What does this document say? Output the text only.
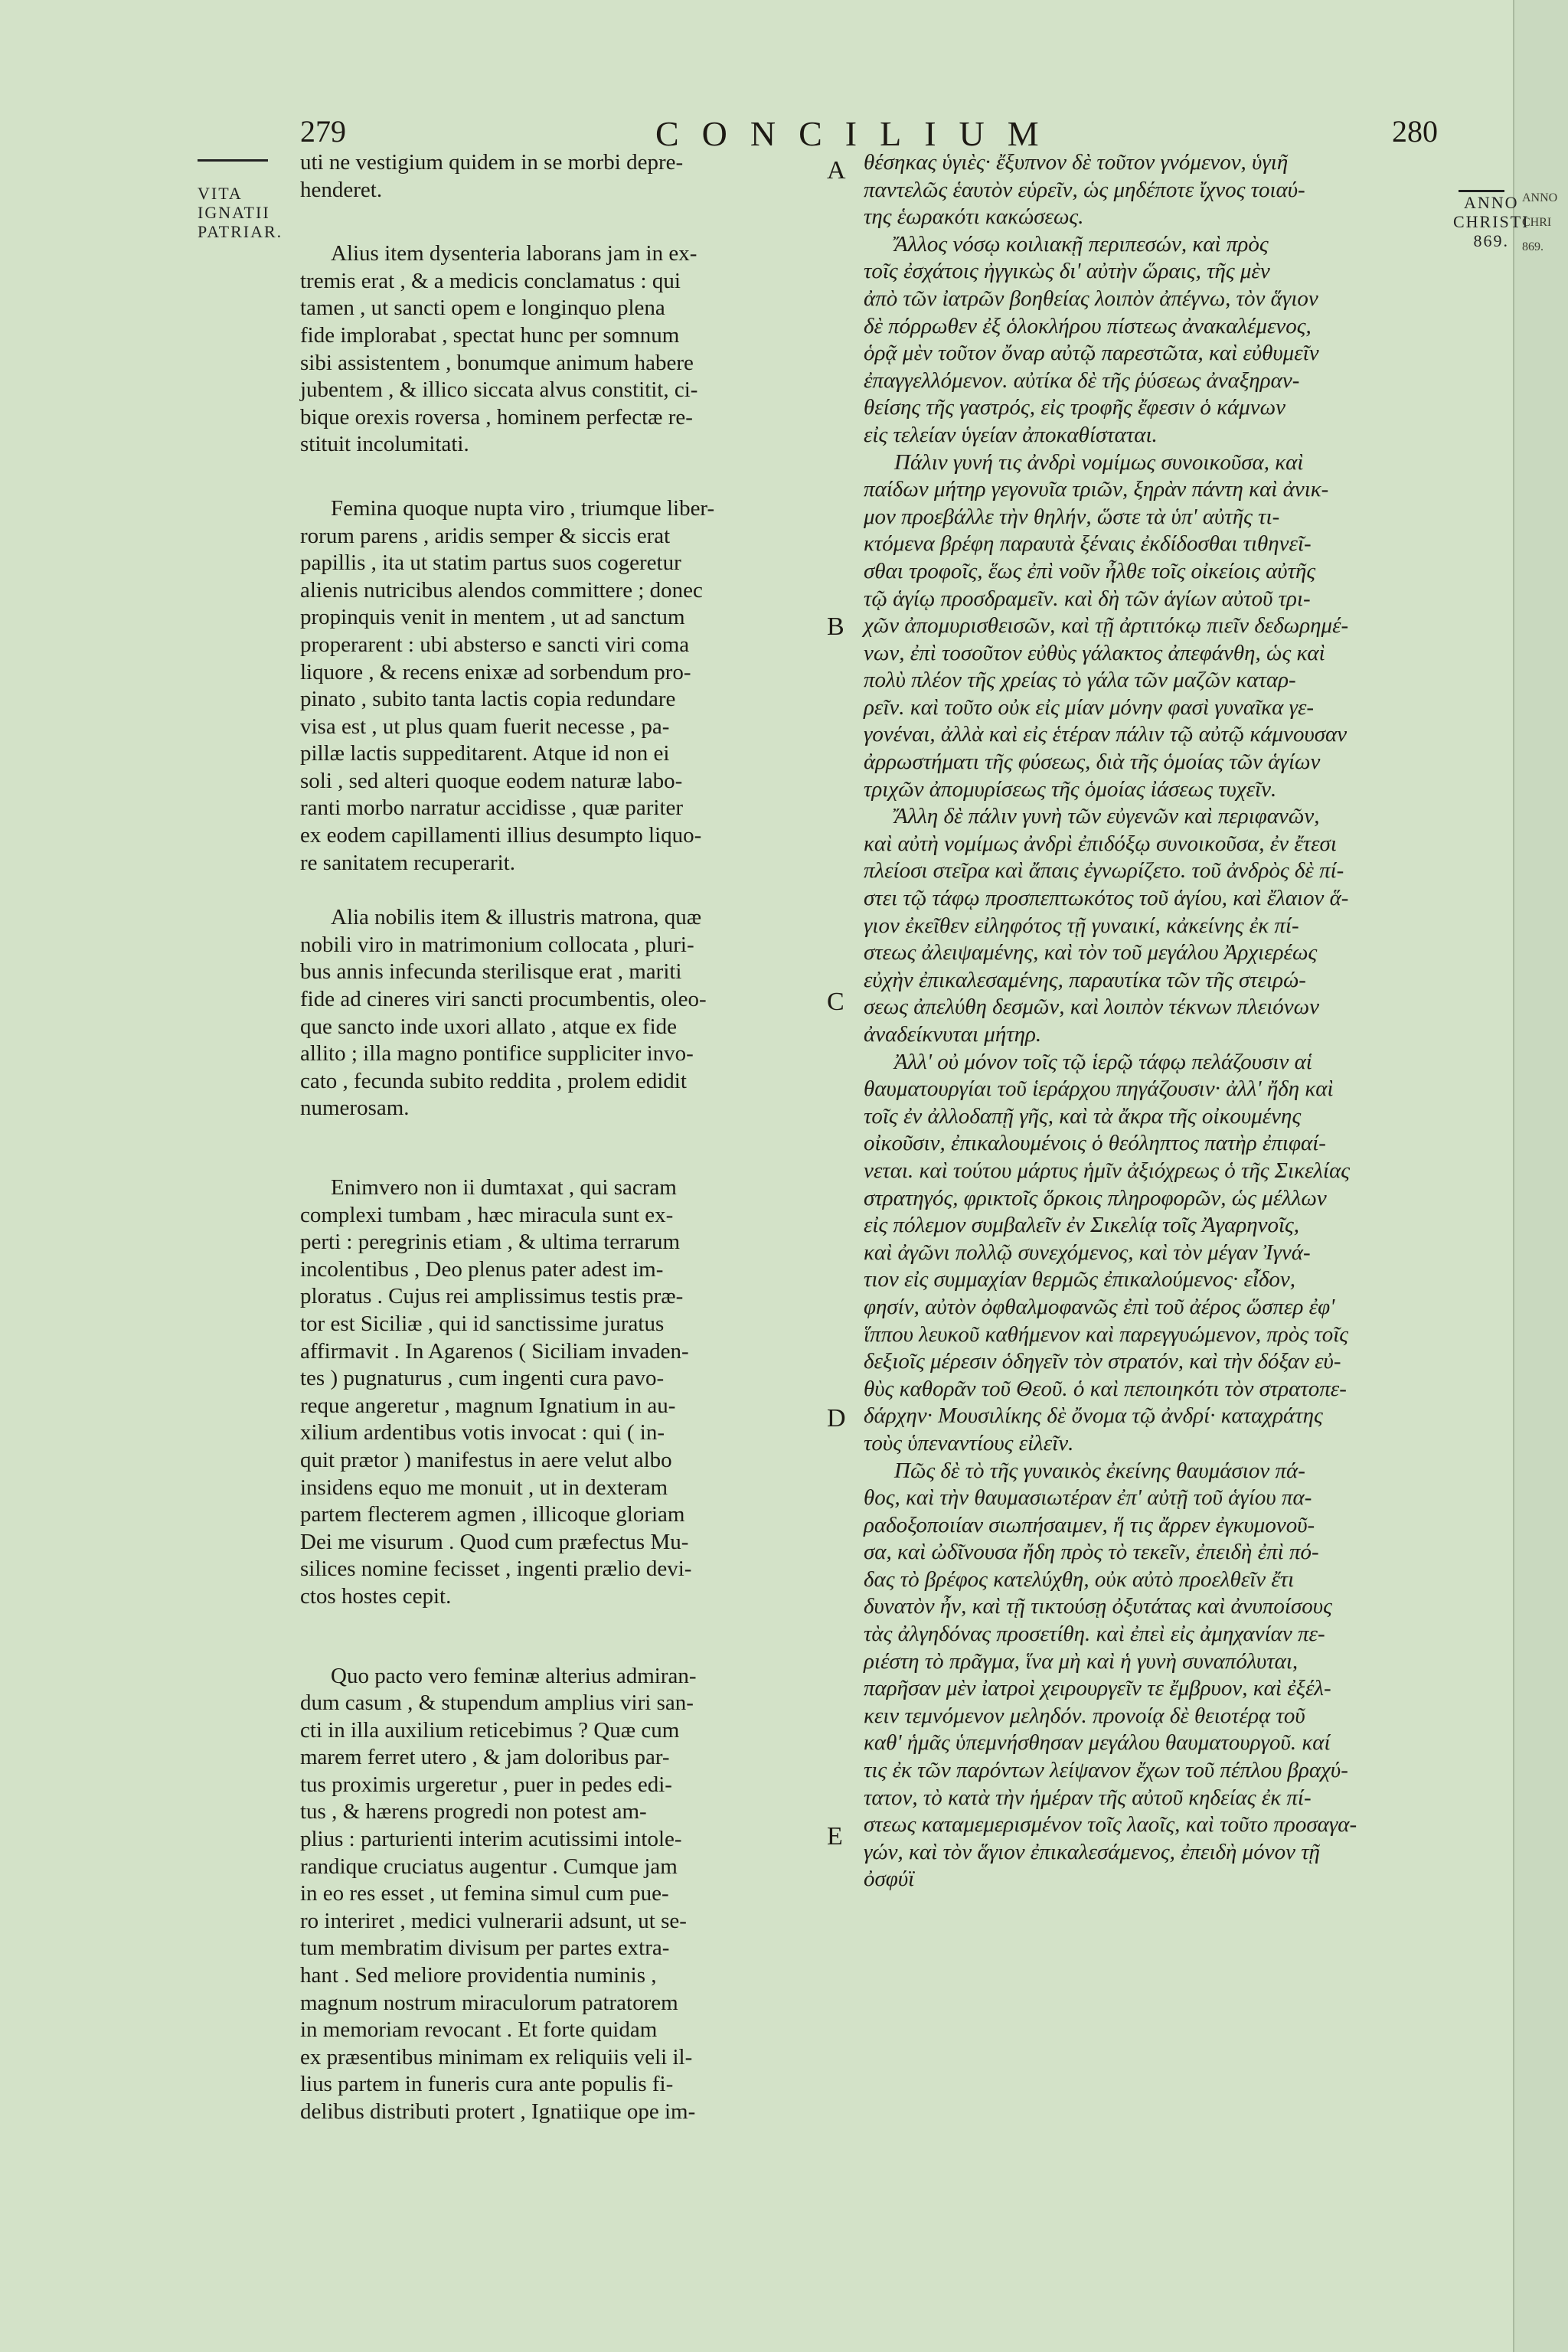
ANNO
CHRI
869.
279	CONCILIUM	280
VITA
IGNATII
PATRIAR.
ANNO
CHRISTI
869.
A
B
C
D
E
uti ne vestigium quidem in se morbi depre-
henderet.
Alius item dysenteria laborans jam in ex-
tremis erat , & a medicis conclamatus : qui
tamen , ut sancti opem e longinquo plena
fide implorabat , spectat hunc per somnum
sibi assistentem , bonumque animum habere
jubentem , & illico siccata alvus constitit, ci-
bique orexis roversa , hominem perfectæ re-
stituit incolumitati.
Femina quoque nupta viro , triumque liber-
rorum parens , aridis semper & siccis erat
papillis , ita ut statim partus suos cogeretur
alienis nutricibus alendos committere ; donec
propinquis venit in mentem , ut ad sanctum
properarent : ubi absterso e sancti viri coma
liquore , & recens enixæ ad sorbendum pro-
pinato , subito tanta lactis copia redundare
visa est , ut plus quam fuerit necesse , pa-
pillæ lactis suppeditarent. Atque id non ei
soli , sed alteri quoque eodem naturæ labo-
ranti morbo narratur accidisse , quæ pariter
ex eodem capillamenti illius desumpto liquo-
re sanitatem recuperarit.
Alia nobilis item & illustris matrona, quæ
nobili viro in matrimonium collocata , pluri-
bus annis infecunda sterilisque erat , mariti
fide ad cineres viri sancti procumbentis, oleo-
que sancto inde uxori allato , atque ex fide
allito ; illa magno pontifice suppliciter invo-
cato , fecunda subito reddita , prolem edidit
numerosam.
Enimvero non ii dumtaxat , qui sacram
complexi tumbam , hæc miracula sunt ex-
perti : peregrinis etiam , & ultima terrarum
incolentibus , Deo plenus pater adest im-
ploratus . Cujus rei amplissimus testis præ-
tor est Siciliæ , qui id sanctissime juratus
affirmavit . In Agarenos ( Siciliam invaden-
tes ) pugnaturus , cum ingenti cura pavo-
reque angeretur , magnum Ignatium in au-
xilium ardentibus votis invocat : qui ( in-
quit prætor ) manifestus in aere velut albo
insidens equo me monuit , ut in dexteram
partem flecterem agmen , illicoque gloriam
Dei me visurum . Quod cum præfectus Mu-
silices nomine fecisset , ingenti prælio devi-
ctos hostes cepit.
Quo pacto vero feminæ alterius admiran-
dum casum , & stupendum amplius viri san-
cti in illa auxilium reticebimus ? Quæ cum
marem ferret utero , & jam doloribus par-
tus proximis urgeretur , puer in pedes edi-
tus , & hærens progredi non potest am-
plius : parturienti interim acutissimi intole-
randique cruciatus augentur . Cumque jam
in eo res esset , ut femina simul cum pue-
ro interiret , medici vulnerarii adsunt, ut se-
tum membratim divisum per partes extra-
hant . Sed meliore providentia numinis ,
magnum nostrum miraculorum patratorem
in memoriam revocant . Et forte quidam
ex præsentibus minimam ex reliquiis veli il-
lius partem in funeris cura ante populis fi-
delibus distributi protert , Ignatiique ope im-
θέσηκας ὑγιὲς· ἔξυπνον δὲ τοῦτον γνόμενον, ὑγιῆ
παντελῶς ἑαυτὸν εὑρεῖν, ὡς μηδέποτε ἴχνος τοιαύ-
της ἑωρακότι κακώσεως.
Ἄλλος νόσῳ κοιλιακῇ περιπεσών, καὶ πρὸς
τοῖς ἐσχάτοις ἠγγικὼς δι' αὐτὴν ὥραις, τῆς μὲν
ἀπὸ τῶν ἰατρῶν βοηθείας λοιπὸν ἀπέγνω, τὸν ἅγιον
δὲ πόρρωθεν ἐξ ὁλοκλήρου πίστεως ἀνακαλέμενος,
ὁρᾷ μὲν τοῦτον ὄναρ αὐτῷ παρεστῶτα, καὶ εὐθυμεῖν
ἐπαγγελλόμενον. αὐτίκα δὲ τῆς ῥύσεως ἀναξηραν-
θείσης τῆς γαστρός, εἰς τροφῆς ἔφεσιν ὁ κάμνων
εἰς τελείαν ὑγείαν ἀποκαθίσταται.
Πάλιν γυνή τις ἀνδρὶ νομίμως συνοικοῦσα, καὶ
παίδων μήτηρ γεγονυῖα τριῶν, ξηρὰν πάντη καὶ ἀνικ-
μον προεβάλλε τὴν θηλήν, ὥστε τὰ ὑπ' αὐτῆς τι-
κτόμενα βρέφη παραυτὰ ξέναις ἐκδίδοσθαι τιθηνεῖ-
σθαι τροφοῖς, ἕως ἐπὶ νοῦν ἦλθε τοῖς οἰκείοις αὐτῆς
τῷ ἁγίῳ προσδραμεῖν. καὶ δὴ τῶν ἁγίων αὐτοῦ τρι-
χῶν ἀπομυρισθεισῶν, καὶ τῇ ἀρτιτόκῳ πιεῖν δεδωρημέ-
νων, ἐπὶ τοσοῦτον εὐθὺς γάλακτος ἀπεφάνθη, ὡς καὶ
πολὺ πλέον τῆς χρείας τὸ γάλα τῶν μαζῶν καταρ-
ρεῖν. καὶ τοῦτο οὐκ εἰς μίαν μόνην φασὶ γυναῖκα γε-
γονέναι, ἀλλὰ καὶ εἰς ἑτέραν πάλιν τῷ αὐτῷ κάμνουσαν
ἀρρωστήματι τῆς φύσεως, διὰ τῆς ὁμοίας τῶν ἁγίων
τριχῶν ἀπομυρίσεως τῆς ὁμοίας ἰάσεως τυχεῖν.
Ἄλλη δὲ πάλιν γυνὴ τῶν εὐγενῶν καὶ περιφανῶν,
καὶ αὐτὴ νομίμως ἀνδρὶ ἐπιδόξῳ συνοικοῦσα, ἐν ἔτεσι
πλείοσι στεῖρα καὶ ἄπαις ἐγνωρίζετο. τοῦ ἀνδρὸς δὲ πί-
στει τῷ τάφῳ προσπεπτωκότος τοῦ ἁγίου, καὶ ἔλαιον ἅ-
γιον ἐκεῖθεν εἰληφότος τῇ γυναικί, κἀκείνης ἐκ πί-
στεως ἀλειψαμένης, καὶ τὸν τοῦ μεγάλου Ἀρχιερέως
εὐχὴν ἐπικαλεσαμένης, παραυτίκα τῶν τῆς στειρώ-
σεως ἀπελύθη δεσμῶν, καὶ λοιπὸν τέκνων πλειόνων
ἀναδείκνυται μήτηρ.
Ἀλλ' οὐ μόνον τοῖς τῷ ἱερῷ τάφῳ πελάζουσιν αἱ
θαυματουργίαι τοῦ ἱεράρχου πηγάζουσιν· ἀλλ' ἤδη καὶ
τοῖς ἐν ἀλλοδαπῇ γῆς, καὶ τὰ ἄκρα τῆς οἰκουμένης
οἰκοῦσιν, ἐπικαλουμένοις ὁ θεόληπτος πατὴρ ἐπιφαί-
νεται. καὶ τούτου μάρτυς ἡμῖν ἀξιόχρεως ὁ τῆς Σικελίας
στρατηγός, φρικτοῖς ὅρκοις πληροφορῶν, ὡς μέλλων
εἰς πόλεμον συμβαλεῖν ἐν Σικελίᾳ τοῖς Ἀγαρηνοῖς,
καὶ ἀγῶνι πολλῷ συνεχόμενος, καὶ τὸν μέγαν Ἰγνά-
τιον εἰς συμμαχίαν θερμῶς ἐπικαλούμενος· εἶδον,
φησίν, αὐτὸν ὀφθαλμοφανῶς ἐπὶ τοῦ ἀέρος ὥσπερ ἐφ'
ἵππου λευκοῦ καθήμενον καὶ παρεγγυώμενον, πρὸς τοῖς
δεξιοῖς μέρεσιν ὁδηγεῖν τὸν στρατόν, καὶ τὴν δόξαν εὐ-
θὺς καθορᾶν τοῦ Θεοῦ. ὁ καὶ πεποιηκότι τὸν στρατοπε-
δάρχην· Μουσιλίκης δὲ ὄνομα τῷ ἀνδρί· καταχράτης
τοὺς ὑπεναντίους εἰλεῖν.
Πῶς δὲ τὸ τῆς γυναικὸς ἐκείνης θαυμάσιον πά-
θος, καὶ τὴν θαυμασιωτέραν ἐπ' αὐτῇ τοῦ ἁγίου πα-
ραδοξοποιίαν σιωπήσαιμεν, ἥ τις ἄρρεν ἐγκυμονοῦ-
σα, καὶ ὠδῖνουσα ἤδη πρὸς τὸ τεκεῖν, ἐπειδὴ ἐπὶ πό-
δας τὸ βρέφος κατελύχθη, οὐκ αὐτὸ προελθεῖν ἔτι
δυνατὸν ἦν, καὶ τῇ τικτούσῃ ὀξυτάτας καὶ ἀνυποίσους
τὰς ἀλγηδόνας προσετίθη. καὶ ἐπεὶ εἰς ἀμηχανίαν πε-
ριέστη τὸ πρᾶγμα, ἵνα μὴ καὶ ἡ γυνὴ συναπόλυται,
παρῆσαν μὲν ἰατροὶ χειρουργεῖν τε ἔμβρυον, καὶ ἐξέλ-
κειν τεμνόμενον μεληδόν. προνοίᾳ δὲ θειοτέρᾳ τοῦ
καθ' ἡμᾶς ὑπεμνήσθησαν μεγάλου θαυματουργοῦ. καί
τις ἐκ τῶν παρόντων λείψανον ἔχων τοῦ πέπλου βραχύ-
τατον, τὸ κατὰ τὴν ἡμέραν τῆς αὐτοῦ κηδείας ἐκ πί-
στεως καταμεμερισμένον τοῖς λαοῖς, καὶ τοῦτο προσαγα-
γών, καὶ τὸν ἅγιον ἐπικαλεσάμενος, ἐπειδὴ μόνον τῇ
ὀσφύϊ
